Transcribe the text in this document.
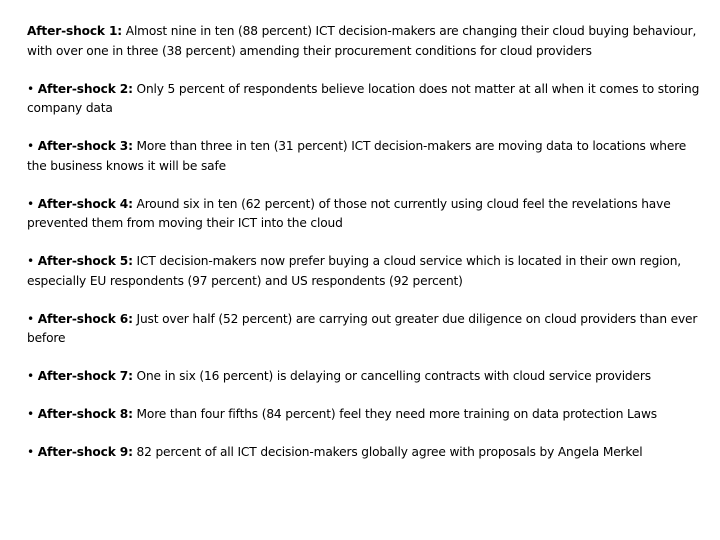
After-shock 1: Almost nine in ten (88 percent) ICT decision-makers are changing their cloud buying behaviour, with over one in three (38 percent) amending their procurement conditions for cloud providers

• After-shock 2: Only 5 percent of respondents believe location does not matter at all when it comes to storing company data

• After-shock 3: More than three in ten (31 percent) ICT decision-makers are moving data to locations where the business knows it will be safe

• After-shock 4: Around six in ten (62 percent) of those not currently using cloud feel the revelations have prevented them from moving their ICT into the cloud

• After-shock 5: ICT decision-makers now prefer buying a cloud service which is located in their own region, especially EU respondents (97 percent) and US respondents (92 percent)

• After-shock 6: Just over half (52 percent) are carrying out greater due diligence on cloud providers than ever before

• After-shock 7: One in six (16 percent) is delaying or cancelling contracts with cloud service providers

• After-shock 8: More than four fifths (84 percent) feel they need more training on data protection Laws

• After-shock 9: 82 percent of all ICT decision-makers globally agree with proposals by Angela Merkel
